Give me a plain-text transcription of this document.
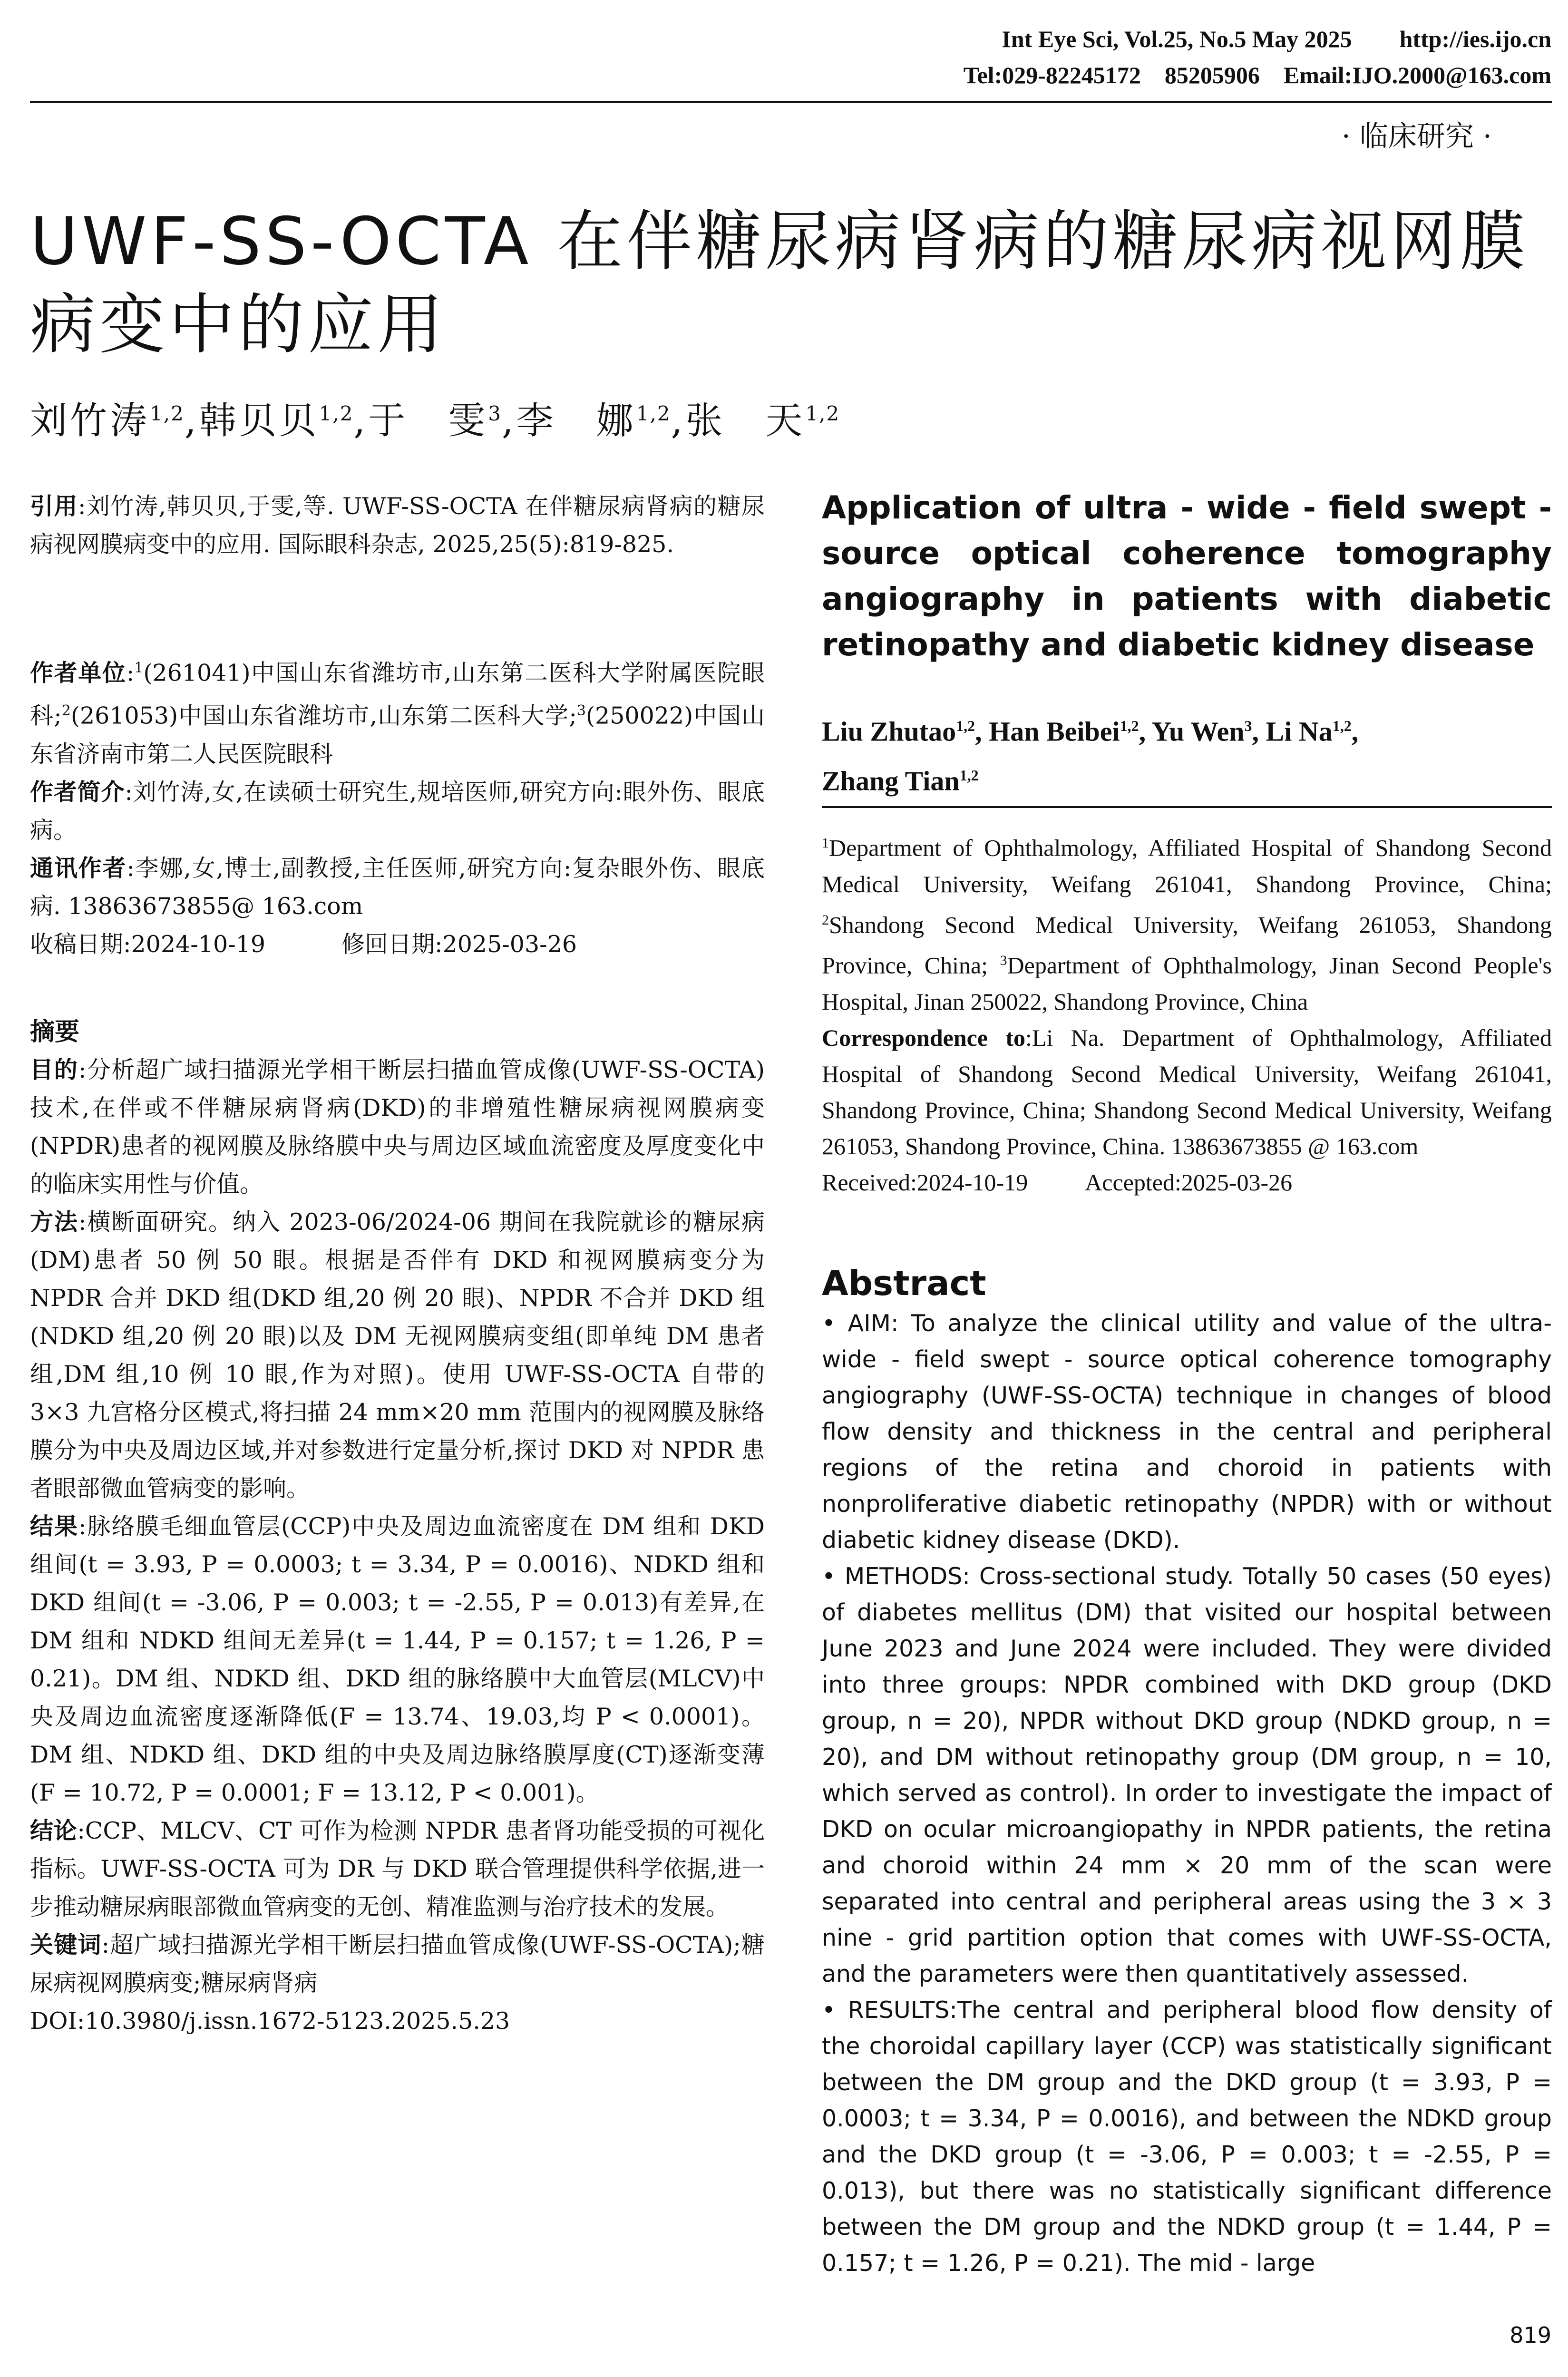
Int Eye Sci, Vol.25, No.5 May 2025        http://ies.ijo.cn
Tel:029-82245172    85205906    Email:IJO.2000@163.com
· 临床研究 ·
UWF-SS-OCTA 在伴糖尿病肾病的糖尿病视网膜病变中的应用
刘竹涛$^{1,2}$,韩贝贝$^{1,2}$,于　雯$^3$,李　娜$^{1,2}$,张　天$^{1,2}$

引用:刘竹涛,韩贝贝,于雯,等. UWF-SS-OCTA 在伴糖尿病肾病的糖尿病视网膜病变中的应用. 国际眼科杂志, 2025,25(5):819-825.

作者单位:$^1$(261041)中国山东省潍坊市,山东第二医科大学附属医院眼科;$^2$(261053)中国山东省潍坊市,山东第二医科大学;$^3$(250022)中国山东省济南市第二人民医院眼科

作者简介:刘竹涛,女,在读硕士研究生,规培医师,研究方向:眼外伤、眼底病。

通讯作者:李娜,女,博士,副教授,主任医师,研究方向:复杂眼外伤、眼底病. 13863673855@ 163.com

收稿日期:2024-10-19	修回日期:2025-03-26

摘要

目的:分析超广域扫描源光学相干断层扫描血管成像(UWF-SS-OCTA)技术,在伴或不伴糖尿病肾病(DKD)的非增殖性糖尿病视网膜病变(NPDR)患者的视网膜及脉络膜中央与周边区域血流密度及厚度变化中的临床实用性与价值。

方法:横断面研究。纳入 2023-06/2024-06 期间在我院就诊的糖尿病(DM)患者 50 例 50 眼。根据是否伴有 DKD 和视网膜病变分为 NPDR 合并 DKD 组(DKD 组,20 例 20 眼)、NPDR 不合并 DKD 组(NDKD 组,20 例 20 眼)以及 DM 无视网膜病变组(即单纯 DM 患者组,DM 组,10 例 10 眼,作为对照)。使用 UWF-SS-OCTA 自带的 3×3 九宫格分区模式,将扫描 24 mm×20 mm 范围内的视网膜及脉络膜分为中央及周边区域,并对参数进行定量分析,探讨 DKD 对 NPDR 患者眼部微血管病变的影响。

结果:脉络膜毛细血管层(CCP)中央及周边血流密度在 DM 组和 DKD 组间(t = 3.93, P = 0.0003; t = 3.34, P = 0.0016)、NDKD 组和 DKD 组间(t = -3.06, P = 0.003; t = -2.55, P = 0.013)有差异,在 DM 组和 NDKD 组间无差异(t = 1.44, P = 0.157; t = 1.26, P = 0.21)。DM 组、NDKD 组、DKD 组的脉络膜中大血管层(MLCV)中央及周边血流密度逐渐降低(F = 13.74、19.03,均 P < 0.0001)。DM 组、NDKD 组、DKD 组的中央及周边脉络膜厚度(CT)逐渐变薄(F = 10.72, P = 0.0001; F = 13.12, P < 0.001)。

结论:CCP、MLCV、CT 可作为检测 NPDR 患者肾功能受损的可视化指标。UWF-SS-OCTA 可为 DR 与 DKD 联合管理提供科学依据,进一步推动糖尿病眼部微血管病变的无创、精准监测与治疗技术的发展。

关键词:超广域扫描源光学相干断层扫描血管成像(UWF-SS-OCTA);糖尿病视网膜病变;糖尿病肾病

DOI:10.3980/j.issn.1672-5123.2025.5.23

Application of ultra - wide - field swept - source optical coherence tomography angiography in patients with diabetic retinopathy and diabetic kidney disease
Liu Zhutao$^{1,2}$, Han Beibei$^{1,2}$, Yu Wen$^3$, Li Na$^{1,2}$,
Zhang Tian$^{1,2}$

$^1$Department of Ophthalmology, Affiliated Hospital of Shandong Second Medical University, Weifang 261041, Shandong Province, China; $^2$Shandong Second Medical University, Weifang 261053, Shandong Province, China; $^3$Department of Ophthalmology, Jinan Second People's Hospital, Jinan 250022, Shandong Province, China

Correspondence to:Li Na. Department of Ophthalmology, Affiliated Hospital of Shandong Second Medical University, Weifang 261041, Shandong Province, China; Shandong Second Medical University, Weifang 261053, Shandong Province, China. 13863673855 @ 163.com

Received:2024-10-19 Accepted:2025-03-26

Abstract

• AIM: To analyze the clinical utility and value of the ultra- wide - field swept - source optical coherence tomography angiography (UWF-SS-OCTA) technique in changes of blood flow density and thickness in the central and peripheral regions of the retina and choroid in patients with nonproliferative diabetic retinopathy (NPDR) with or without diabetic kidney disease (DKD).

• METHODS: Cross-sectional study. Totally 50 cases (50 eyes) of diabetes mellitus (DM) that visited our hospital between June 2023 and June 2024 were included. They were divided into three groups: NPDR combined with DKD group (DKD group, n = 20), NPDR without DKD group (NDKD group, n = 20), and DM without retinopathy group (DM group, n = 10, which served as control). In order to investigate the impact of DKD on ocular microangiopathy in NPDR patients, the retina and choroid within 24 mm × 20 mm of the scan were separated into central and peripheral areas using the 3 × 3 nine - grid partition option that comes with UWF-SS-OCTA, and the parameters were then quantitatively assessed.

• RESULTS:The central and peripheral blood flow density of the choroidal capillary layer (CCP) was statistically significant between the DM group and the DKD group (t = 3.93, P = 0.0003; t = 3.34, P = 0.0016), and between the NDKD group and the DKD group (t = -3.06, P = 0.003; t = -2.55, P = 0.013), but there was no statistically significant difference between the DM group and the NDKD group (t = 1.44, P = 0.157; t = 1.26, P = 0.21). The mid - large

819
